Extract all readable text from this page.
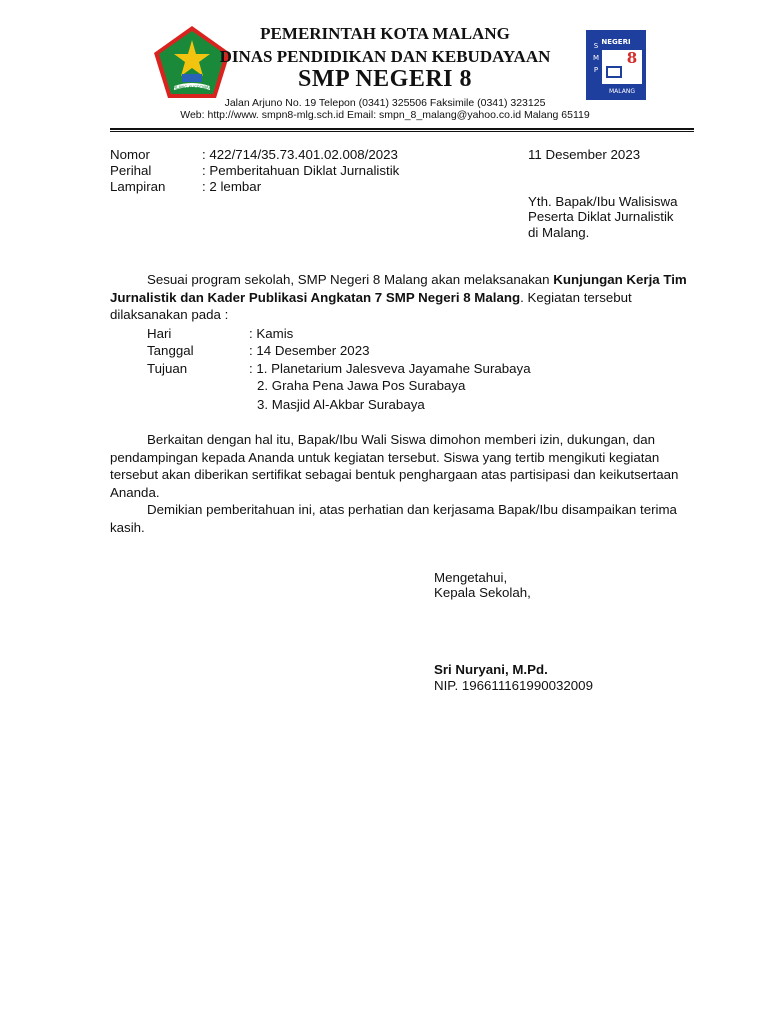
MALANG KUCECWARA
S
M
P
NEGERI
8
MALANG
PEMERINTAH KOTA MALANG
DINAS PENDIDIKAN DAN KEBUDAYAAN
SMP NEGERI 8
Jalan Arjuno No. 19 Telepon (0341) 325506 Faksimile (0341) 323125
Web: http://www. smpn8-mlg.sch.id Email: smpn_8_malang@yahoo.co.id Malang 65119
Nomor	: 422/714/35.73.401.02.008/2023	11 Desember 2023
Perihal	: Pemberitahuan Diklat Jurnalistik
Lampiran	: 2 lembar
Yth. Bapak/Ibu Walisiswa
Peserta Diklat Jurnalistik
di Malang.
Sesuai program sekolah, SMP Negeri 8 Malang akan melaksanakan Kunjungan Kerja Tim Jurnalistik dan Kader Publikasi Angkatan 7 SMP Negeri 8 Malang. Kegiatan tersebut dilaksanakan pada :
Hari	: Kamis
Tanggal	: 14 Desember 2023
Tujuan	: 1. Planetarium Jalesveva Jayamahe Surabaya
2. Graha Pena Jawa Pos Surabaya
3. Masjid Al-Akbar Surabaya
Berkaitan dengan hal itu, Bapak/Ibu Wali Siswa dimohon memberi izin, dukungan, dan pendampingan kepada Ananda untuk kegiatan tersebut. Siswa yang tertib mengikuti kegiatan tersebut akan diberikan sertifikat sebagai bentuk penghargaan atas partisipasi dan keikutsertaan Ananda.
Demikian pemberitahuan ini, atas perhatian dan kerjasama Bapak/Ibu disampaikan terima kasih.
Mengetahui,
Kepala Sekolah,
Sri Nuryani, M.Pd.
NIP. 196611161990032009
